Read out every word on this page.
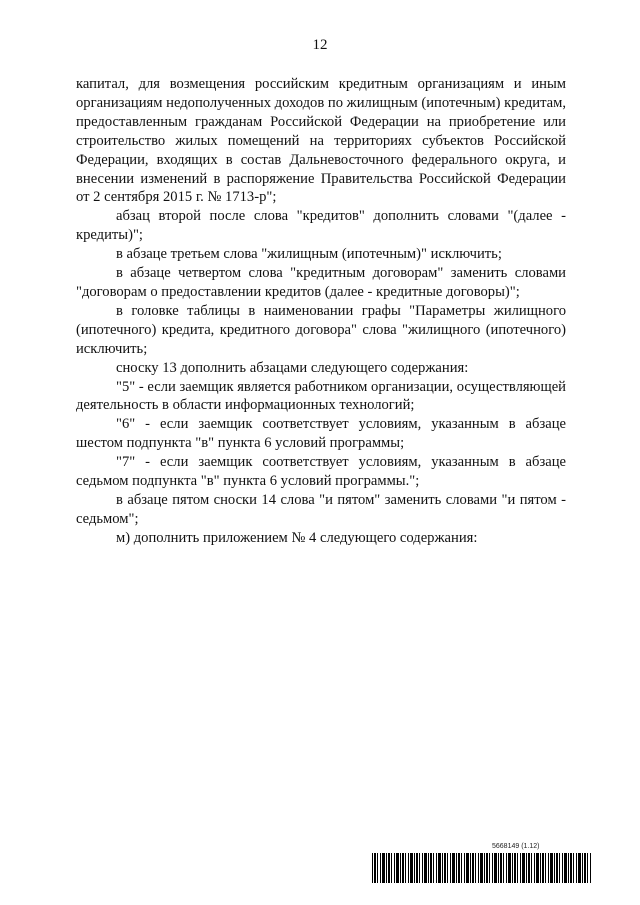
12

капитал, для возмещения российским кредитным организациям и иным организациям недополученных доходов по жилищным (ипотечным) кредитам, предоставленным гражданам Российской Федерации на приобретение или строительство жилых помещений на территориях субъектов Российской Федерации, входящих в состав Дальневосточного федерального округа, и внесении изменений в распоряжение Правительства Российской Федерации от 2 сентября 2015 г. № 1713-р";

абзац второй после слова "кредитов" дополнить словами "(далее - кредиты)";

в абзаце третьем слова "жилищным (ипотечным)" исключить;

в абзаце четвертом слова "кредитным договорам" заменить словами "договорам о предоставлении кредитов (далее - кредитные договоры)";

в головке таблицы в наименовании графы "Параметры жилищного (ипотечного) кредита, кредитного договора" слова "жилищного (ипотечного) исключить;

сноску 13 дополнить абзацами следующего содержания:

"5" - если заемщик является работником организации, осуществляющей деятельность в области информационных технологий;

"6" - если заемщик соответствует условиям, указанным в абзаце шестом подпункта "в" пункта 6 условий программы;

"7" - если заемщик соответствует условиям, указанным в абзаце седьмом подпункта "в" пункта 6 условий программы.";

в абзаце пятом сноски 14 слова "и пятом" заменить словами "и пятом - седьмом";

м) дополнить приложением № 4 следующего содержания:

5668149 (1.12)
